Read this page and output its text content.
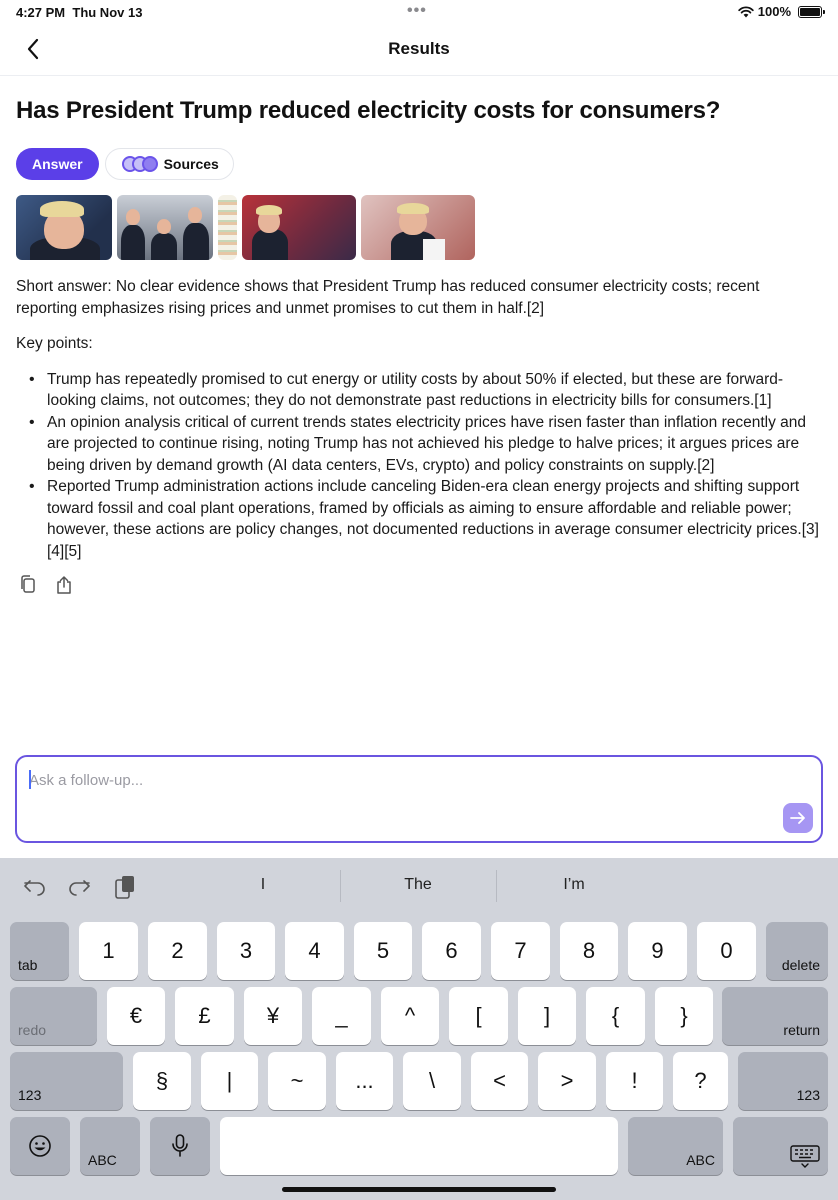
4:27 PM Thu Nov 13	•••	100%
Results
Has President Trump reduced electricity costs for consumers?
Answer	Sources

Short answer: No clear evidence shows that President Trump has reduced consumer electricity costs; recent reporting emphasizes rising prices and unmet promises to cut them in half.[2]

Key points:

• Trump has repeatedly promised to cut energy or utility costs by about 50% if elected, but these are forward-looking claims, not outcomes; they do not demonstrate past reductions in electricity bills for consumers.[1]
• An opinion analysis critical of current trends states electricity prices have risen faster than inflation recently and are projected to continue rising, noting Trump has not achieved his pledge to halve prices; it argues prices are being driven by demand growth (AI data centers, EVs, crypto) and policy constraints on supply.[2]
• Reported Trump administration actions include canceling Biden-era clean energy projects and shifting support toward fossil and coal plant operations, framed by officials as aiming to ensure affordable and reliable power; however, these actions are policy changes, not documented reductions in average consumer electricity prices.[3][4][5]
Ask a follow-up...
I	The	I’m
tab
1	2	3	4	5	6	7	8	9	0
delete
redo
€	£	¥	_	^	[	]	{	}
return
123
§	|	~	...	\	<	>	!	?
123
ABC	ABC
